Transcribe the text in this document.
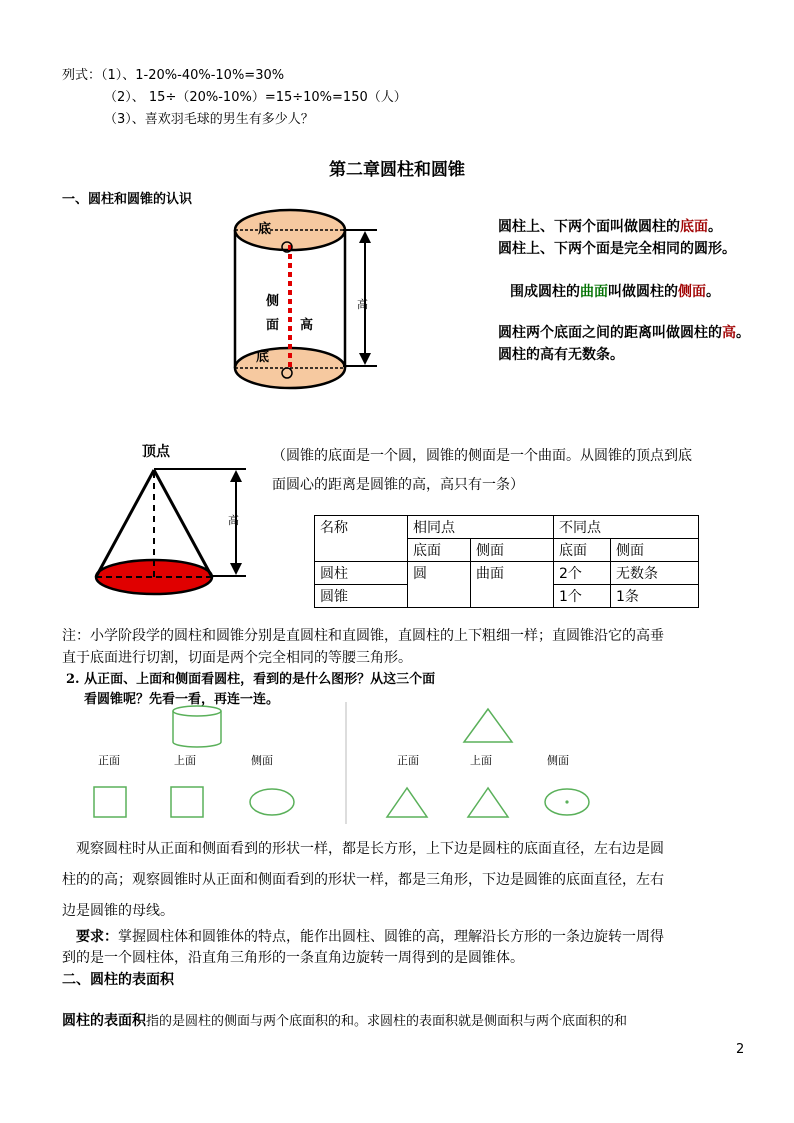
列式：（1）、1-20%-40%-10%=30%
（2）、 15÷（20%-10%）=15÷10%=150（人）
（3）、喜欢羽毛球的男生有多少人？
第二章圆柱和圆锥
一、圆柱和圆锥的认识
底
侧
面 高
底
高
圆柱上、下两个面叫做圆柱的底面。
圆柱上、下两个面是完全相同的圆形。
围成圆柱的曲面叫做圆柱的侧面。
圆柱两个底面之间的距离叫做圆柱的高。
圆柱的高有无数条。
顶点
高
（圆锥的底面是一个圆，圆锥的侧面是一个曲面。从圆锥的顶点到底
面圆心的距离是圆锥的高，高只有一条）
名称	相同点		不同点	
	底面	侧面	底面	侧面
圆柱	圆	曲面	2个	无数条
圆锥			1个	1条
注：小学阶段学的圆柱和圆锥分别是直圆柱和直圆锥，直圆柱的上下粗细一样；直圆锥沿它的高垂
直于底面进行切割，切面是两个完全相同的等腰三角形。
2. 从正面、上面和侧面看圆柱，看到的是什么图形？从这三个面
看圆锥呢？先看一看，再连一连。
正面	上面	侧面	正面	上面	侧面
观察圆柱时从正面和侧面看到的形状一样，都是长方形，上下边是圆柱的底面直径，左右边是圆
柱的的高；观察圆锥时从正面和侧面看到的形状一样，都是三角形，下边是圆锥的底面直径，左右
边是圆锥的母线。
要求：掌握圆柱体和圆锥体的特点，能作出圆柱、圆锥的高，理解沿长方形的一条边旋转一周得
到的是一个圆柱体，沿直角三角形的一条直角边旋转一周得到的是圆锥体。
二、圆柱的表面积
圆柱的表面积指的是圆柱的侧面与两个底面积的和。求圆柱的表面积就是侧面积与两个底面积的和
2
